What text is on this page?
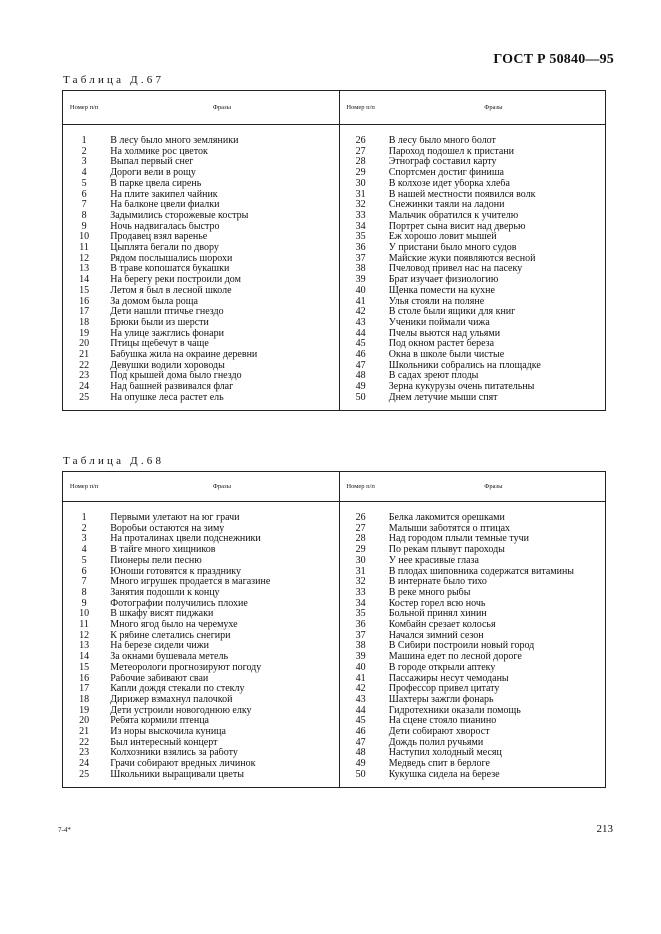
ГОСТ Р 50840—95
Таблица Д.67
Номер п/п	Фразы	Номер п/п	Фразы

1	В лесу было много земляники	26	В лесу было много болот
2	На холмике рос цветок	27	Пароход подошел к пристани
3	Выпал первый снег	28	Этнограф составил карту
4	Дороги вели в рощу	29	Спортсмен достиг финиша
5	В парке цвела сирень	30	В колхозе идет уборка хлеба
6	На плите закипел чайник	31	В нашей местности появился волк
7	На балконе цвели фиалки	32	Снежинки таяли на ладони
8	Задымились сторожевые костры	33	Мальчик обратился к учителю
9	Ночь надвигалась быстро	34	Портрет сына висит над дверью
10	Продавец взял варенье	35	Еж хорошо ловит мышей
11	Цыплята бегали по двору	36	У пристани было много судов
12	Рядом послышались шорохи	37	Майские жуки появляются весной
13	В траве копошатся букашки	38	Пчеловод привел нас на пасеку
14	На берегу реки построили дом	39	Брат изучает физиологию
15	Летом я был в лесной школе	40	Щенка помести на кухне
16	За домом была роща	41	Улья стояли на поляне
17	Дети нашли птичье гнездо	42	В столе были ящики для книг
18	Брюки были из шерсти	43	Ученики поймали чижа
19	На улице зажглись фонари	44	Пчелы вьются над ульями
20	Птицы щебечут в чаще	45	Под окном растет береза
21	Бабушка жила на окраине деревни	46	Окна в школе были чистые
22	Девушки водили хороводы	47	Школьники собрались на площадке
23	Под крышей дома было гнездо	48	В садах зреют плоды
24	Над башней развивался флаг	49	Зерна кукурузы очень питательны
25	На опушке леса растет ель	50	Днем летучие мыши спят

Таблица Д.68
Номер п/п	Фразы	Номер п/п	Фразы

1	Первыми улетают на юг грачи	26	Белка лакомится орешками
2	Воробьи остаются на зиму	27	Малыши заботятся о птицах
3	На проталинах цвели подснежники	28	Над городом плыли темные тучи
4	В тайге много хищников	29	По рекам плывут пароходы
5	Пионеры пели песню	30	У нее красивые глаза
6	Юноши готовятся к празднику	31	В плодах шиповника содержатся витамины
7	Много игрушек продается в магазине	32	В интернате было тихо
8	Занятия подошли к концу	33	В реке много рыбы
9	Фотографии получились плохие	34	Костер горел всю ночь
10	В шкафу висят пиджаки	35	Больной принял хинин
11	Много ягод было на черемухе	36	Комбайн срезает колосья
12	К рябине слетались снегири	37	Начался зимний сезон
13	На березе сидели чижи	38	В Сибири построили новый город
14	За окнами бушевала метель	39	Машина едет по лесной дороге
15	Метеорологи прогнозируют погоду	40	В городе открыли аптеку
16	Рабочие забивают сваи	41	Пассажиры несут чемоданы
17	Капли дождя стекали по стеклу	42	Профессор привел цитату
18	Дирижер взмахнул палочкой	43	Шахтеры зажгли фонарь
19	Дети устроили новогоднюю елку	44	Гидротехники оказали помощь
20	Ребята кормили птенца	45	На сцене стояло пианино
21	Из норы выскочила куница	46	Дети собирают хворост
22	Был интересный концерт	47	Дождь полил ручьями
23	Колхозники взялись за работу	48	Наступил холодный месяц
24	Грачи собирают вредных личинок	49	Медведь спит в берлоге
25	Школьники выращивали цветы	50	Кукушка сидела на березе

7-4*	213
